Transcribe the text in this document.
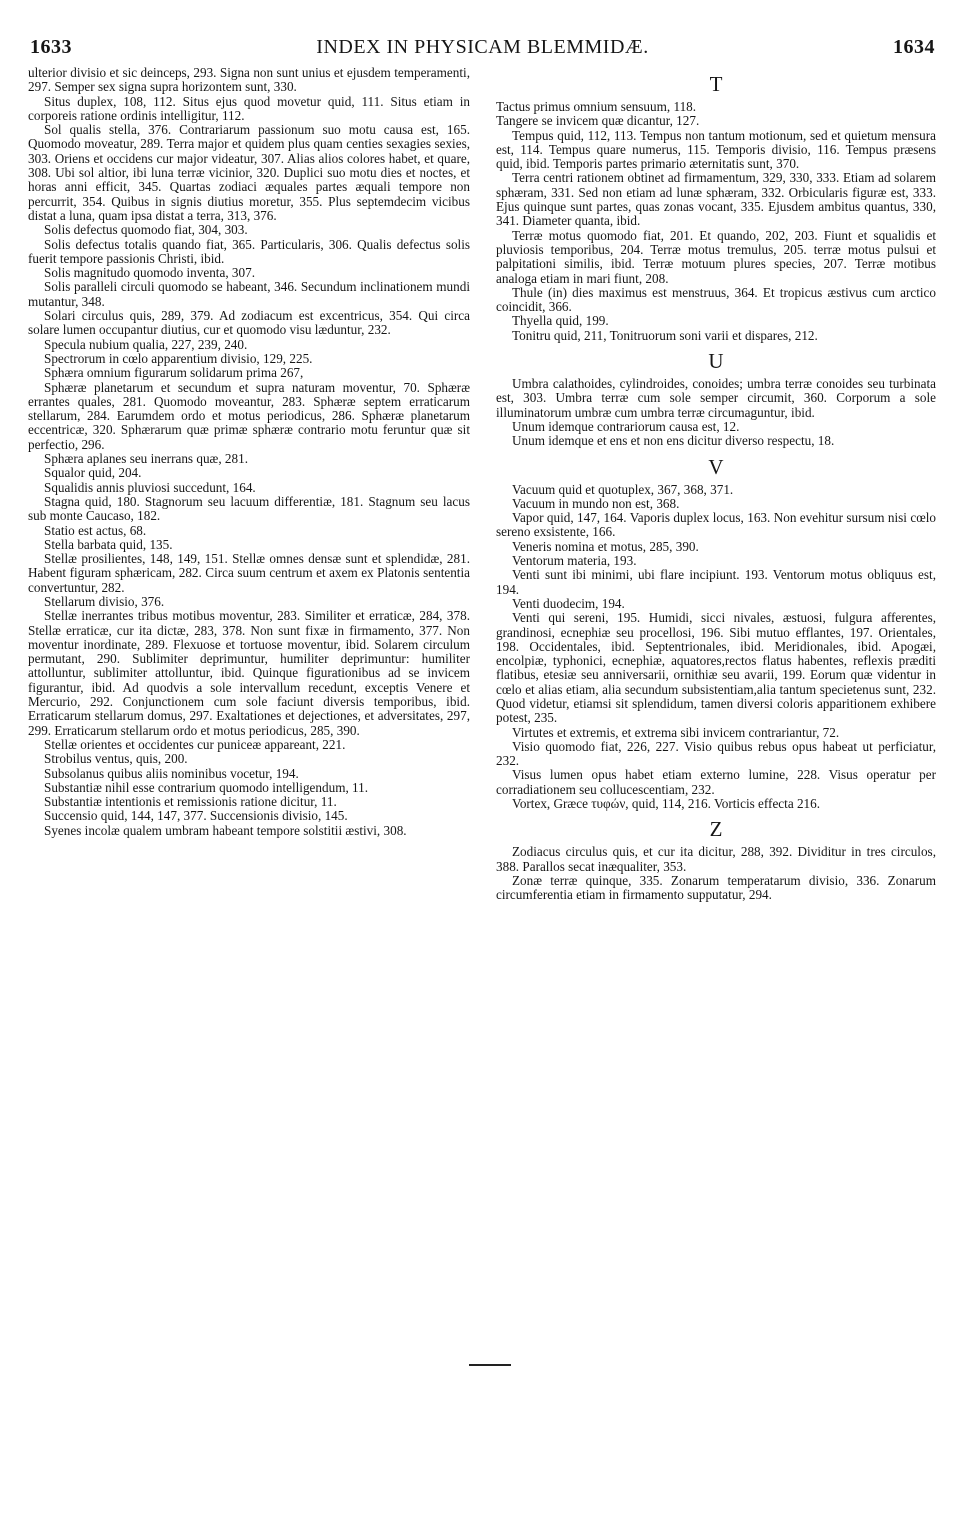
1633	INDEX IN PHYSICAM BLEMMIDÆ.	1634

ulterior divisio et sic deinceps, 293. Signa non sunt unius et ejusdem temperamenti, 297. Semper sex signa supra horizontem sunt, 330.

Situs duplex, 108, 112. Situs ejus quod movetur quid, 111. Situs etiam in corporeis ratione ordinis intelligitur, 112.

Sol qualis stella, 376. Contrariarum passionum suo motu causa est, 165. Quomodo moveatur, 289. Terra major et quidem plus quam centies sexagies sexies, 303. Oriens et occidens cur major videatur, 307. Alias alios colores habet, et quare, 308. Ubi sol altior, ibi luna terræ vicinior, 320. Duplici suo motu dies et noctes, et horas anni efficit, 345. Quartas zodiaci æquales partes æquali tempore non percurrit, 354. Quibus in signis diutius moretur, 355. Plus septemdecim vicibus distat a luna, quam ipsa distat a terra, 313, 376.

Solis defectus quomodo fiat, 304, 303.

Solis defectus totalis quando fiat, 365. Particularis, 306. Qualis defectus solis fuerit tempore passionis Christi, ibid.

Solis magnitudo quomodo inventa, 307.

Solis paralleli circuli quomodo se habeant, 346. Secundum inclinationem mundi mutantur, 348.

Solari circulus quis, 289, 379. Ad zodiacum est excentricus, 354. Qui circa solare lumen occupantur diutius, cur et quomodo visu læduntur, 232.

Specula nubium qualia, 227, 239, 240.

Spectrorum in cœlo apparentium divisio, 129, 225.

Sphæra omnium figurarum solidarum prima 267,

Sphæræ planetarum et secundum et supra naturam moventur, 70. Sphæræ errantes quales, 281. Quomodo moveantur, 283. Sphæræ septem erraticarum stellarum, 284. Earumdem ordo et motus periodicus, 286. Sphæræ planetarum eccentricæ, 320. Sphærarum quæ primæ sphæræ contrario motu feruntur quæ sit perfectio, 296.

Sphæra aplanes seu inerrans quæ, 281.

Squalor quid, 204.

Squalidis annis pluviosi succedunt, 164.

Stagna quid, 180. Stagnorum seu lacuum differentiæ, 181. Stagnum seu lacus sub monte Caucaso, 182.

Statio est actus, 68.

Stella barbata quid, 135.

Stellæ prosilientes, 148, 149, 151. Stellæ omnes densæ sunt et splendidæ, 281. Habent figuram sphæricam, 282. Circa suum centrum et axem ex Platonis sententia convertuntur, 282.

Stellarum divisio, 376.

Stellæ inerrantes tribus motibus moventur, 283. Similiter et erraticæ, 284, 378. Stellæ erraticæ, cur ita dictæ, 283, 378. Non sunt fixæ in firmamento, 377. Non moventur inordinate, 289. Flexuose et tortuose moventur, ibid. Solarem circulum permutant, 290. Sublimiter deprimuntur, humiliter deprimuntur: humiliter attolluntur, sublimiter attolluntur, ibid. Quinque figurationibus ad se invicem figurantur, ibid. Ad quodvis a sole intervallum recedunt, exceptis Venere et Mercurio, 292. Conjunctionem cum sole faciunt diversis temporibus, ibid. Erraticarum stellarum domus, 297. Exaltationes et dejectiones, et adversitates, 297, 299. Erraticarum stellarum ordo et motus periodicus, 285, 390.

Stellæ orientes et occidentes cur puniceæ appareant, 221.

Strobilus ventus, quis, 200.

Subsolanus quibus aliis nominibus vocetur, 194.

Substantiæ nihil esse contrarium quomodo intelligendum, 11.

Substantiæ intentionis et remissionis ratione dicitur, 11.

Succensio quid, 144, 147, 377. Succensionis divisio, 145.

Syenes incolæ qualem umbram habeant tempore solstitii æstivi, 308.

T

Tactus primus omnium sensuum, 118.

Tangere se invicem quæ dicantur, 127.

Tempus quid, 112, 113. Tempus non tantum motionum, sed et quietum mensura est, 114. Tempus quare numerus, 115. Temporis divisio, 116. Tempus præsens quid, ibid. Temporis partes primario æternitatis sunt, 370.

Terra centri rationem obtinet ad firmamentum, 329, 330, 333. Etiam ad solarem sphæram, 331. Sed non etiam ad lunæ sphæram, 332. Orbicularis figuræ est, 333. Ejus quinque sunt partes, quas zonas vocant, 335. Ejusdem ambitus quantus, 330, 341. Diameter quanta, ibid.

Terræ motus quomodo fiat, 201. Et quando, 202, 203. Fiunt et squalidis et pluviosis temporibus, 204. Terræ motus tremulus, 205. terræ motus pulsui et palpitationi similis, ibid. Terræ motuum plures species, 207. Terræ motibus analoga etiam in mari fiunt, 208.

Thule (in) dies maximus est menstruus, 364. Et tropicus æstivus cum arctico coincidit, 366.

Thyella quid, 199.

Tonitru quid, 211, Tonitruorum soni varii et dispares, 212.

U

Umbra calathoides, cylindroides, conoides; umbra terræ conoides seu turbinata est, 303. Umbra terræ cum sole semper circumit, 360. Corporum a sole illuminatorum umbræ cum umbra terræ circumaguntur, ibid.

Unum idemque contrariorum causa est, 12.

Unum idemque et ens et non ens dicitur diverso respectu, 18.

V

Vacuum quid et quotuplex, 367, 368, 371.

Vacuum in mundo non est, 368.

Vapor quid, 147, 164. Vaporis duplex locus, 163. Non evehitur sursum nisi cœlo sereno exsistente, 166.

Veneris nomina et motus, 285, 390.

Ventorum materia, 193.

Venti sunt ibi minimi, ubi flare incipiunt. 193. Ventorum motus obliquus est, 194.

Venti duodecim, 194.

Venti qui sereni, 195. Humidi, sicci nivales, æstuosi, fulgura afferentes, grandinosi, ecnephiæ seu procellosi, 196. Sibi mutuo efflantes, 197. Orientales, 198. Occidentales, ibid. Septentrionales, ibid. Meridionales, ibid. Apogæi, encolpiæ, typhonici, ecnephiæ, aquatores,rectos flatus habentes, reflexis præditi flatibus, etesiæ seu anniversarii, ornithiæ seu avarii, 199. Eorum quæ videntur in cœlo et alias etiam, alia secundum subsistentiam,alia tantum specietenus sunt, 232. Quod videtur, etiamsi sit splendidum, tamen diversi coloris apparitionem exhibere potest, 235.

Virtutes et extremis, et extrema sibi invicem contrariantur, 72.

Visio quomodo fiat, 226, 227. Visio quibus rebus opus habeat ut perficiatur, 232.

Visus lumen opus habet etiam externo lumine, 228. Visus operatur per corradiationem seu collucescentiam, 232.

Vortex, Græce τυφών, quid, 114, 216. Vorticis effecta 216.

Z

Zodiacus circulus quis, et cur ita dicitur, 288, 392. Dividitur in tres circulos, 388. Parallos secat inæqualiter, 353.

Zonæ terræ quinque, 335. Zonarum temperatarum divisio, 336. Zonarum circumferentia etiam in firmamento supputatur, 294.
